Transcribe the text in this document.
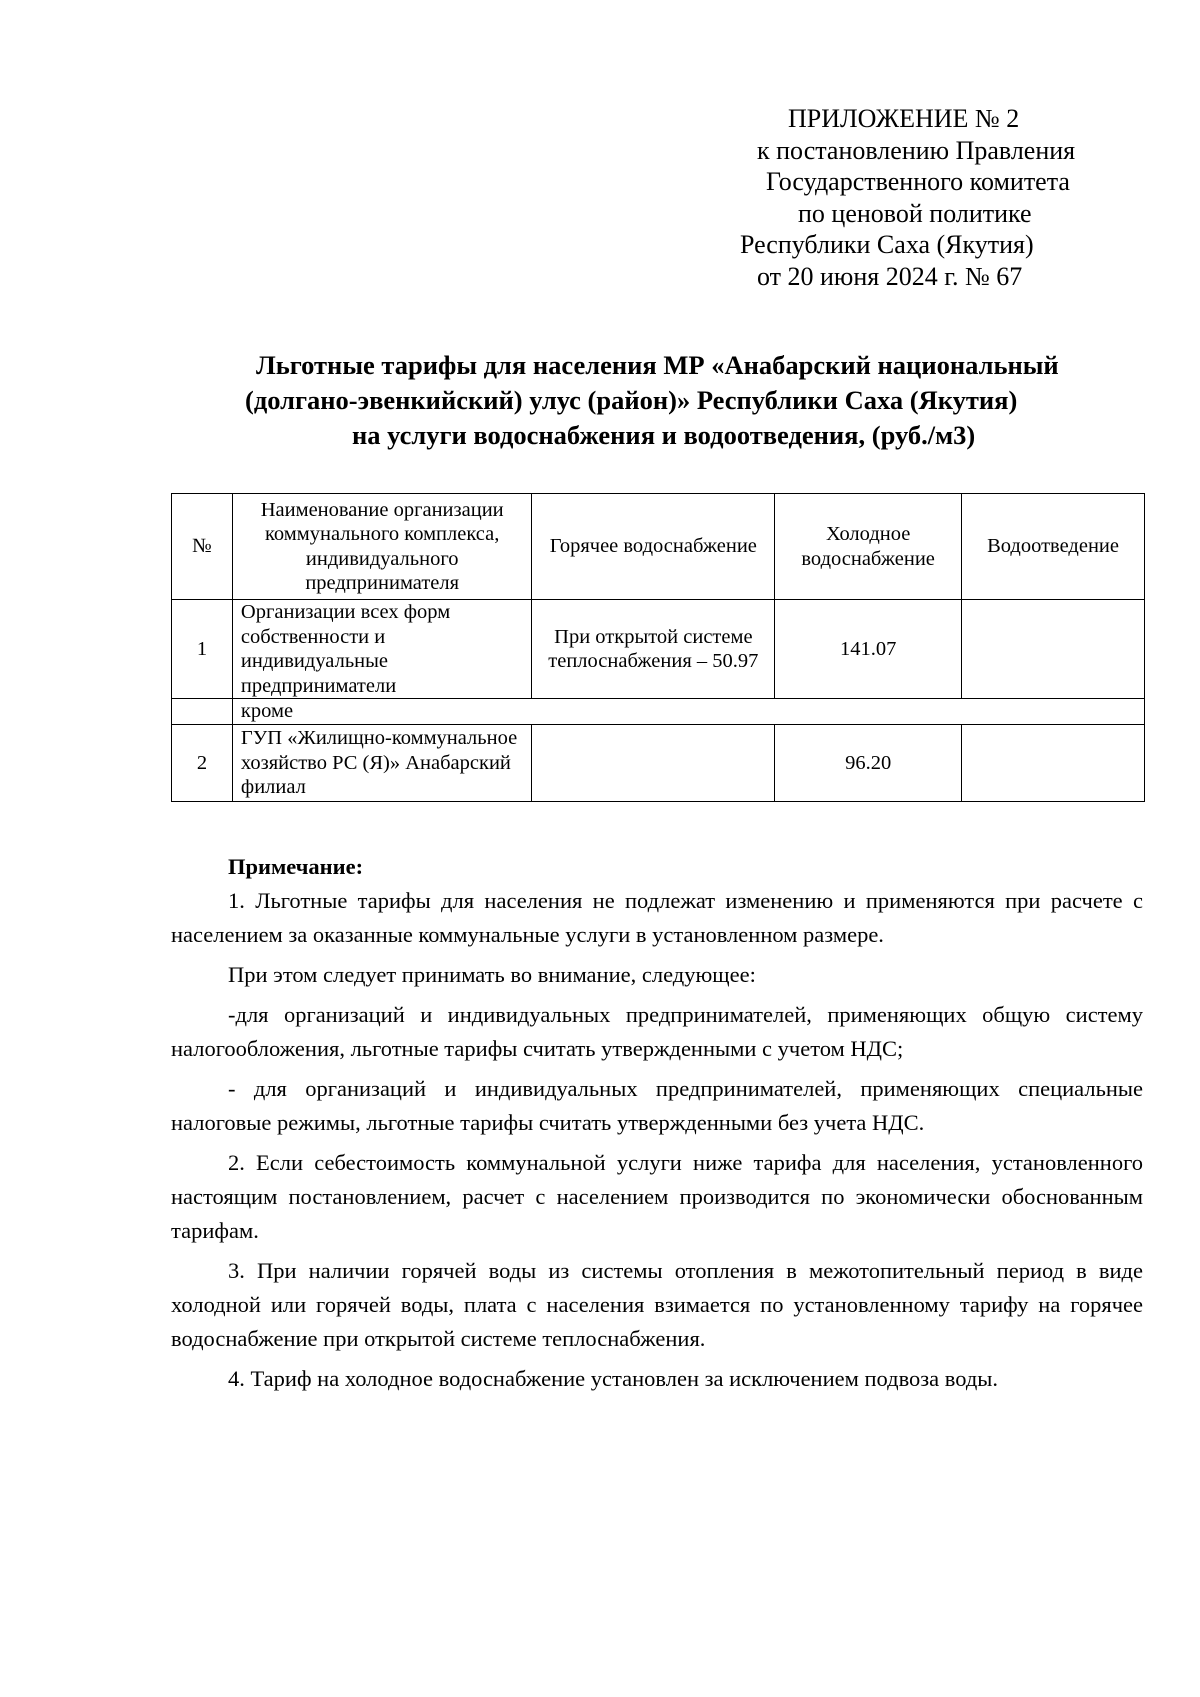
ПРИЛОЖЕНИЕ № 2
к постановлению Правления
Государственного комитета
по ценовой политике
Республики Саха (Якутия)
от 20 июня 2024 г. № 67
Льготные тарифы для населения МР «Анабарский национальный
(долгано-эвенкийский) улус (район)» Республики Саха (Якутия)
на услуги водоснабжения и водоотведения, (руб./м3)
№	Наименование организации коммунального комплекса, индивидуального предпринимателя	Горячее водоснабжение	Холодное водоснабжение	Водоотведение
1	Организации всех форм собственности и индивидуальные предприниматели	При открытой системе теплоснабжения – 50.97	141.07	
	кроме			
2	ГУП «Жилищно-коммунальное хозяйство РС (Я)» Анабарский филиал		96.20	

Примечание:

1. Льготные тарифы для населения не подлежат изменению и применяются при расчете с населением за оказанные коммунальные услуги в установленном размере.

При этом следует принимать во внимание, следующее:

-для организаций и индивидуальных предпринимателей, применяющих общую систему налогообложения, льготные тарифы считать утвержденными с учетом НДС;

- для организаций и индивидуальных предпринимателей, применяющих специальные налоговые режимы, льготные тарифы считать утвержденными без учета НДС.

2. Если себестоимость коммунальной услуги ниже тарифа для населения, установленного настоящим постановлением, расчет с населением производится по экономически обоснованным тарифам.

3. При наличии горячей воды из системы отопления в межотопительный период в виде холодной или горячей воды, плата с населения взимается по установленному тарифу на горячее водоснабжение при открытой системе теплоснабжения.

4. Тариф на холодное водоснабжение установлен за исключением подвоза воды.
